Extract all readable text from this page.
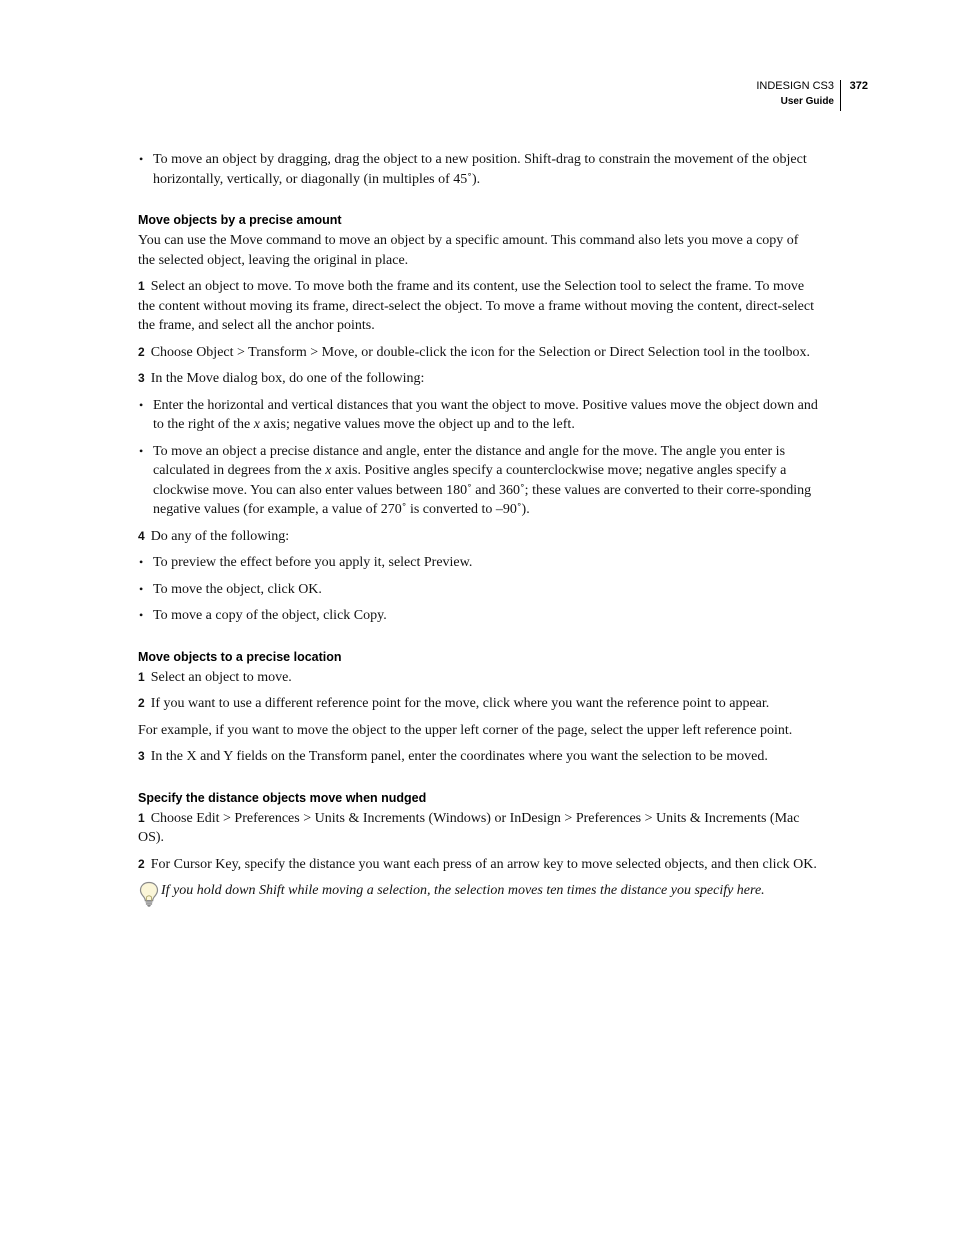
INDESIGN CS3
User Guide
372

• To move an object by dragging, drag the object to a new position. Shift-drag to constrain the movement of the object horizontally, vertically, or diagonally (in multiples of 45˚).

Move objects by a precise amount

You can use the Move command to move an object by a specific amount. This command also lets you move a copy of the selected object, leaving the original in place.

1 Select an object to move. To move both the frame and its content, use the Selection tool to select the frame. To move the content without moving its frame, direct-select the object. To move a frame without moving the content, direct-select the frame, and select all the anchor points.

2 Choose Object > Transform > Move, or double-click the icon for the Selection or Direct Selection tool in the toolbox.

3 In the Move dialog box, do one of the following:

• Enter the horizontal and vertical distances that you want the object to move. Positive values move the object down and to the right of the x axis; negative values move the object up and to the left.

• To move an object a precise distance and angle, enter the distance and angle for the move. The angle you enter is calculated in degrees from the x axis. Positive angles specify a counterclockwise move; negative angles specify a clockwise move. You can also enter values between 180˚ and 360˚; these values are converted to their corre-sponding negative values (for example, a value of 270˚ is converted to –90˚).

4 Do any of the following:

• To preview the effect before you apply it, select Preview.

• To move the object, click OK.

• To move a copy of the object, click Copy.

Move objects to a precise location

1 Select an object to move.

2 If you want to use a different reference point for the move, click where you want the reference point to appear.

For example, if you want to move the object to the upper left corner of the page, select the upper left reference point.

3 In the X and Y fields on the Transform panel, enter the coordinates where you want the selection to be moved.

Specify the distance objects move when nudged

1 Choose Edit > Preferences > Units & Increments (Windows) or InDesign > Preferences > Units & Increments (Mac OS).

2 For Cursor Key, specify the distance you want each press of an arrow key to move selected objects, and then click OK.

If you hold down Shift while moving a selection, the selection moves ten times the distance you specify here.
